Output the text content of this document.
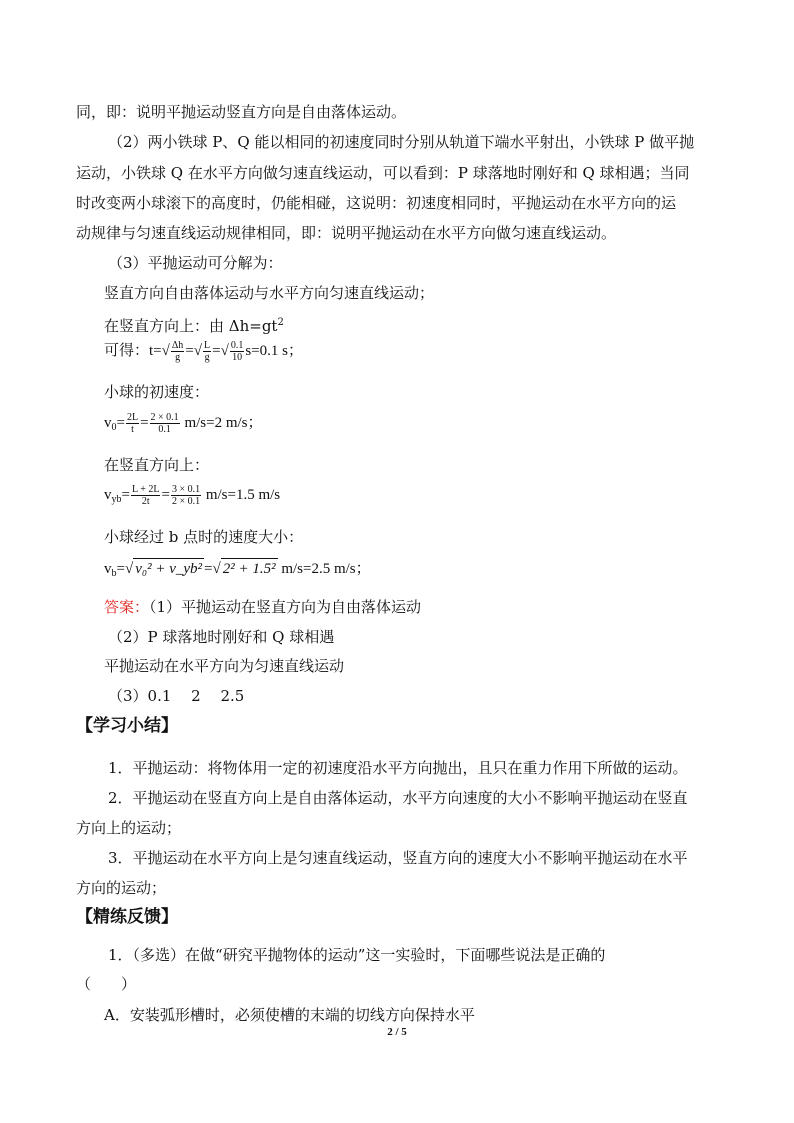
同，即：说明平抛运动竖直方向是自由落体运动。
（2）两小铁球 P、Q 能以相同的初速度同时分别从轨道下端水平射出，小铁球 P 做平抛
运动，小铁球 Q 在水平方向做匀速直线运动，可以看到：P 球落地时刚好和 Q 球相遇；当同
时改变两小球滚下的高度时，仍能相碰，这说明：初速度相同时，平抛运动在水平方向的运
动规律与匀速直线运动规律相同，即：说明平抛运动在水平方向做匀速直线运动。
（3）平抛运动可分解为：
竖直方向自由落体运动与水平方向匀速直线运动；
在竖直方向上：由 $\Delta h=gt^2$
可得：$t=√ \frac{\Delta h}{g}$ =√ $\frac{L}{g}$ =√ $\frac{0.1}{10} s=0.1$ s；
小球的初速度：
$v_0= \frac{2L}{t} = \frac{2 \times 0.1}{0.1} m/s=2$ m/s；
在竖直方向上：
$v_{yb}= \frac{L + 2L}{2t} = \frac{3 \times 0.1}{2 \times 0.1} m/s=1.5$ m/s
小球经过 b 点时的速度大小：
$v_b=√$ v₀² + v_yb² =√ 2² + 1.5² m/s=2.5 m/s；
答案：（1）平抛运动在竖直方向为自由落体运动
（2）P 球落地时刚好和 Q 球相遇
平抛运动在水平方向为匀速直线运动
（3）0.1　 2　 2.5
【学习小结】
1．平抛运动：将物体用一定的初速度沿水平方向抛出，且只在重力作用下所做的运动。
2．平抛运动在竖直方向上是自由落体运动，水平方向速度的大小不影响平抛运动在竖直
方向上的运动；
3．平抛运动在水平方向上是匀速直线运动，竖直方向的速度大小不影响平抛运动在水平
方向的运动；
【精练反馈】
1．（多选）在做“研究平抛物体的运动”这一实验时，下面哪些说法是正确的
（　　）
A．安装弧形槽时，必须使槽的末端的切线方向保持水平
2 / 5
